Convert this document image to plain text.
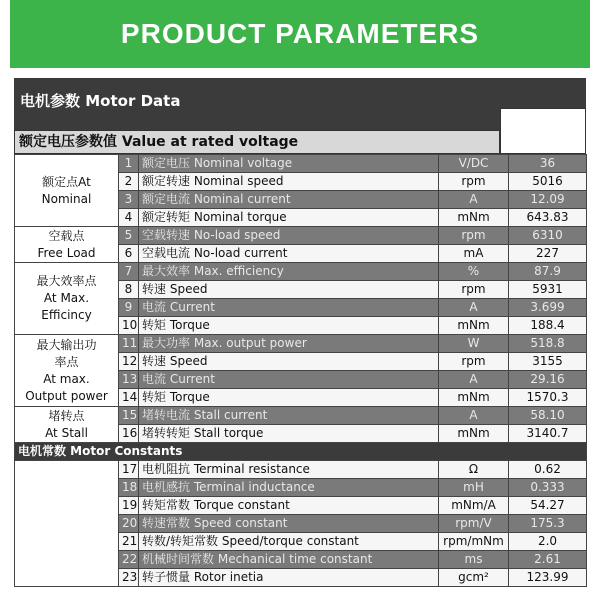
PRODUCT PARAMETERS
电机参数 Motor Data
额定电压参数值 Value at rated voltage
额定点At
Nominal	1	额定电压 Nominal voltage	V/DC	36
	2	额定转速 Nominal speed	rpm	5016
	3	额定电流 Nominal current	A	12.09
	4	额定转矩 Nominal torque	mNm	643.83

空载点
Free Load	5	空载转速 No-load speed	rpm	6310
	6	空载电流 No-load current	mA	227

最大效率点
At Max.
Efficincy	7	最大效率 Max. efficiency	%	87.9
	8	转速 Speed	rpm	5931
	9	电流 Current	A	3.699
	10	转矩 Torque	mNm	188.4

最大输出功
率点
At max.
Output power	11	最大功率 Max. output power	W	518.8
	12	转速 Speed	rpm	3155
	13	电流 Current	A	29.16
	14	转矩 Torque	mNm	1570.3

堵转点
At Stall	15	堵转电流 Stall current	A	58.10
	16	堵转转矩 Stall torque	mNm	3140.7
电机常数 Motor Constants				
	17	电机阻抗 Terminal resistance	Ω	0.62
	18	电机感抗 Terminal inductance	mH	0.333
	19	转矩常数 Torque constant	mNm/A	54.27
	20	转速常数 Speed constant	rpm/V	175.3
	21	转数/转矩常数 Speed/torque constant	rpm/mNm	2.0
	22	机械时间常数 Mechanical time constant	ms	2.61
	23	转子惯量 Rotor inetia	gcm²	123.99
